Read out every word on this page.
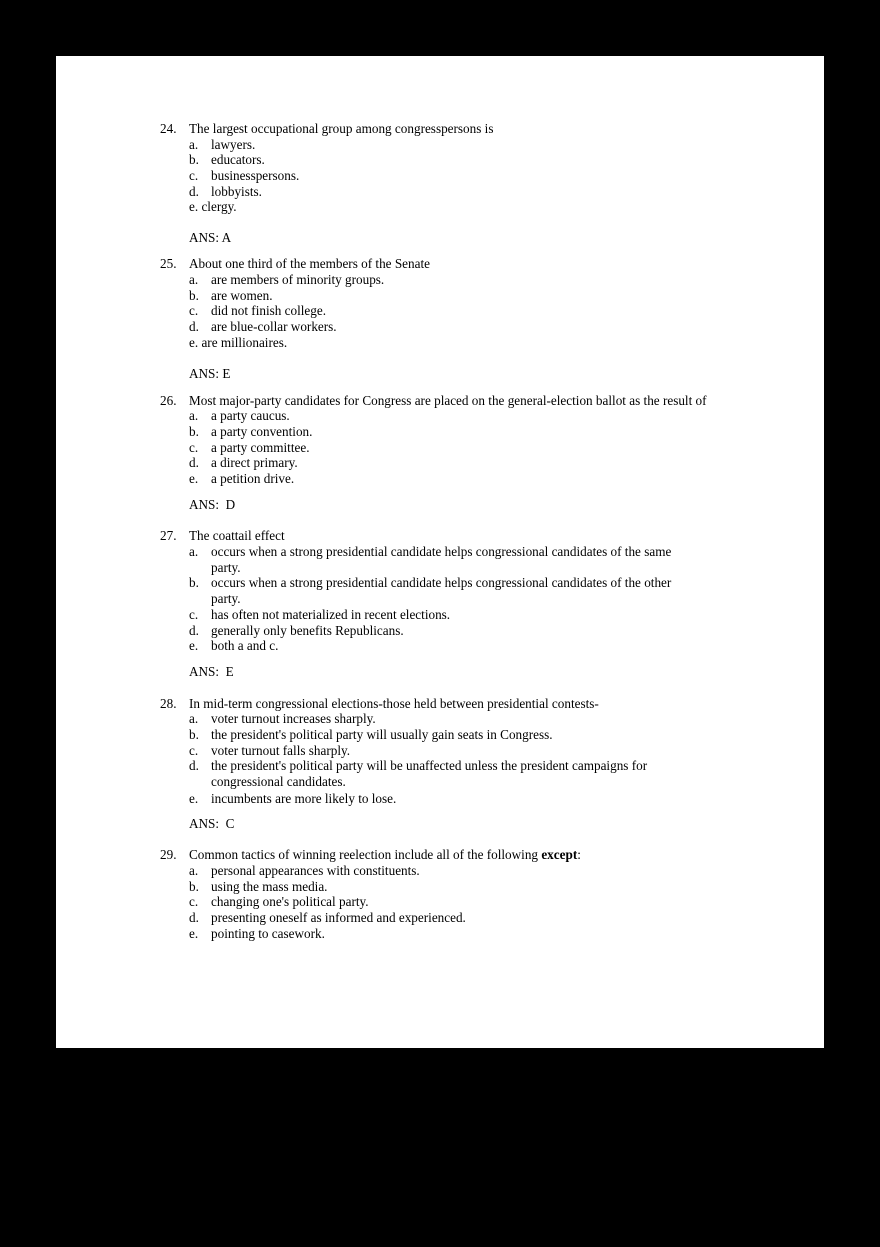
24. The largest occupational group among congresspersons is
a. lawyers.
b. educators.
c. businesspersons.
d. lobbyists.
e. clergy.
ANS: A
25. About one third of the members of the Senate
a. are members of minority groups.
b. are women.
c. did not finish college.
d. are blue-collar workers.
e. are millionaires.
ANS: E
26. Most major-party candidates for Congress are placed on the general-election ballot as the result of
a. a party caucus.
b. a party convention.
c. a party committee.
d. a direct primary.
e. a petition drive.
ANS:  D
27. The coattail effect
a. occurs when a strong presidential candidate helps congressional candidates of the same
party.
b. occurs when a strong presidential candidate helps congressional candidates of the other
party.
c. has often not materialized in recent elections.
d. generally only benefits Republicans.
e. both a and c.
ANS:  E
28. In mid-term congressional elections-those held between presidential contests-
a. voter turnout increases sharply.
b. the president's political party will usually gain seats in Congress.
c. voter turnout falls sharply.
d. the president's political party will be unaffected unless the president campaigns for
congressional candidates.
e. incumbents are more likely to lose.
ANS:  C
29. Common tactics of winning reelection include all of the following except:
a. personal appearances with constituents.
b. using the mass media.
c. changing one's political party.
d. presenting oneself as informed and experienced.
e. pointing to casework.
